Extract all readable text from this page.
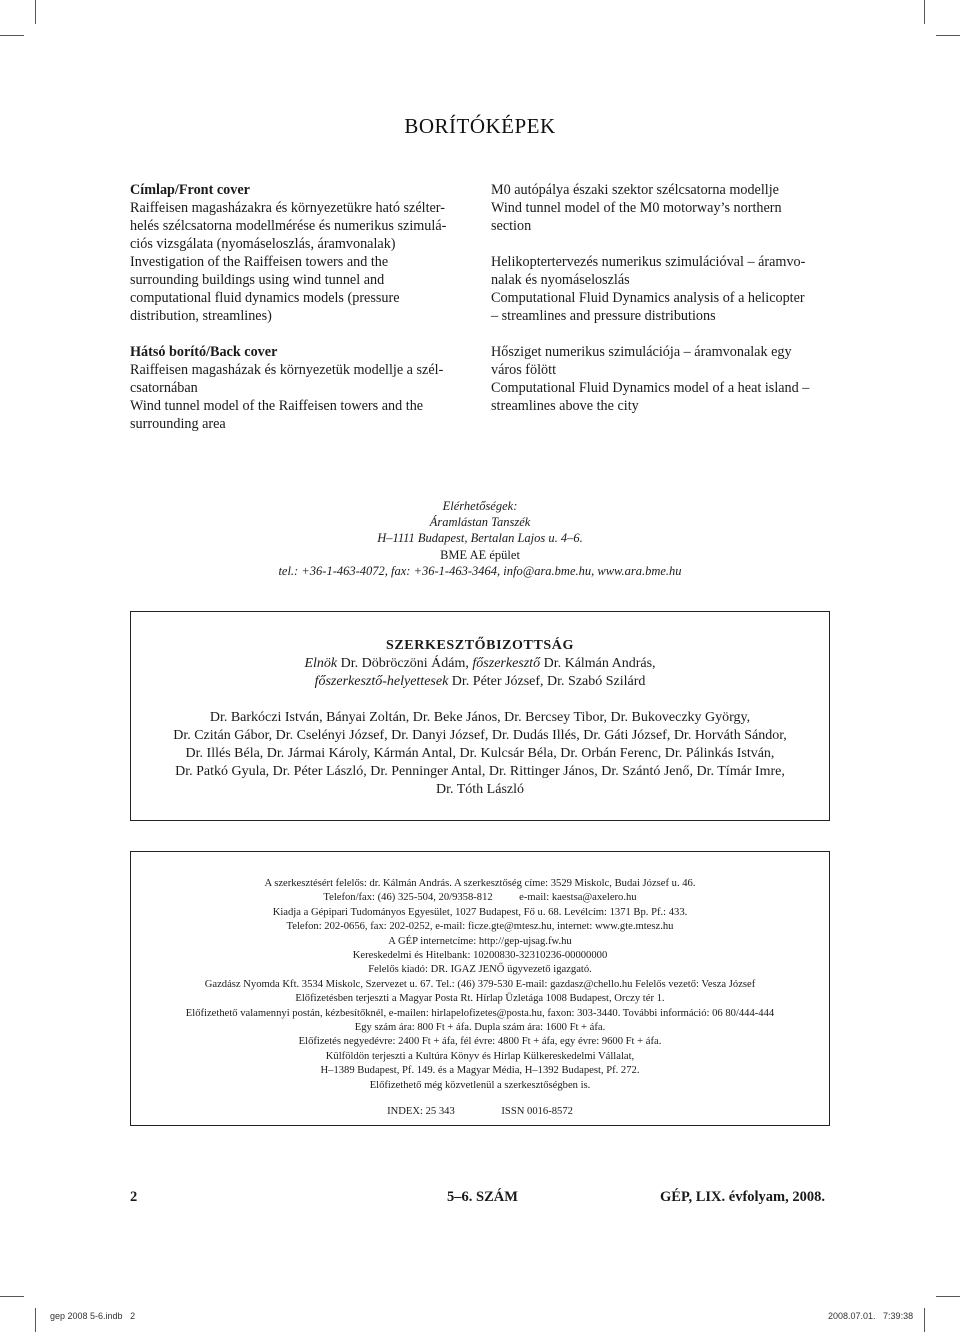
BORÍTÓKÉPEK

Címlap/Front cover
Raiffeisen magasházakra és környezetükre ható szélter-
helés szélcsatorna modellmérése és numerikus szimulá-
ciós vizsgálata (nyomáseloszlás, áramvonalak)
Investigation of the Raiffeisen towers and the
surrounding buildings using wind tunnel and
computational fluid dynamics models (pressure
distribution, streamlines)

Hátsó borító/Back cover
Raiffeisen magasházak és környezetük modellje a szél-
csatornában
Wind tunnel model of the Raiffeisen towers and the
surrounding area

M0 autópálya északi szektor szélcsatorna modellje
Wind tunnel model of the M0 motorway’s northern
section

Helikoptertervezés numerikus szimulációval – áramvo-
nalak és nyomáseloszlás
Computational Fluid Dynamics analysis of a helicopter
– streamlines and pressure distributions

Hősziget numerikus szimulációja – áramvonalak egy
város fölött
Computational Fluid Dynamics model of a heat island –
streamlines above the city

Elérhetőségek:
Áramlástan Tanszék
H–1111 Budapest, Bertalan Lajos u. 4–6.
BME AE épület
tel.: +36-1-463-4072, fax: +36-1-463-3464, info@ara.bme.hu, www.ara.bme.hu
SZERKESZTŐBIZOTTSÁG
Elnök Dr. Döbröczöni Ádám, főszerkesztő Dr. Kálmán András,
főszerkesztő-helyettesek Dr. Péter József, Dr. Szabó Szilárd
Dr. Barkóczi István, Bányai Zoltán, Dr. Beke János, Dr. Bercsey Tibor, Dr. Bukoveczky György,
Dr. Czitán Gábor, Dr. Cselényi József, Dr. Danyi József, Dr. Dudás Illés, Dr. Gáti József, Dr. Horváth Sándor,
Dr. Illés Béla, Dr. Jármai Károly, Kármán Antal, Dr. Kulcsár Béla, Dr. Orbán Ferenc, Dr. Pálinkás István,
Dr. Patkó Gyula, Dr. Péter László, Dr. Penninger Antal, Dr. Rittinger János, Dr. Szántó Jenő, Dr. Tímár Imre,
Dr. Tóth László
A szerkesztésért felelős: dr. Kálmán András. A szerkesztőség címe: 3529 Miskolc, Budai József u. 46.
Telefon/fax: (46) 325-504, 20/9358-812          e-mail: kaestsa@axelero.hu
Kiadja a Gépipari Tudományos Egyesület, 1027 Budapest, Fő u. 68. Levélcím: 1371 Bp. Pf.: 433.
Telefon: 202-0656, fax: 202-0252, e-mail: ficze.gte@mtesz.hu, internet: www.gte.mtesz.hu
A GÉP internetcíme: http://gep-ujsag.fw.hu
Kereskedelmi és Hitelbank: 10200830-32310236-00000000
Felelős kiadó: DR. IGAZ JENŐ ügyvezető igazgató.
Gazdász Nyomda Kft. 3534 Miskolc, Szervezet u. 67. Tel.: (46) 379-530 E-mail: gazdasz@chello.hu Felelős vezető: Vesza József
Előfizetésben terjeszti a Magyar Posta Rt. Hírlap Üzletága 1008 Budapest, Orczy tér 1.
Előfizethető valamennyi postán, kézbesítőknél, e-mailen: hirlapelofizetes@posta.hu, faxon: 303-3440. További információ: 06 80/444-444
Egy szám ára: 800 Ft + áfa. Dupla szám ára: 1600 Ft + áfa.
Előfizetés negyedévre: 2400 Ft + áfa, fél évre: 4800 Ft + áfa, egy évre: 9600 Ft + áfa.
Külföldön terjeszti a Kultúra Könyv és Hírlap Külkereskedelmi Vállalat,
H–1389 Budapest, Pf. 149. és a Magyar Média, H–1392 Budapest, Pf. 272.
Előfizethető még közvetlenül a szerkesztőségben is.
INDEX: 25 343	ISSN 0016-8572
2	5–6. SZÁM	GÉP, LIX. évfolyam, 2008.
gep 2008 5-6.indb   2	2008.07.01.   7:39:38
